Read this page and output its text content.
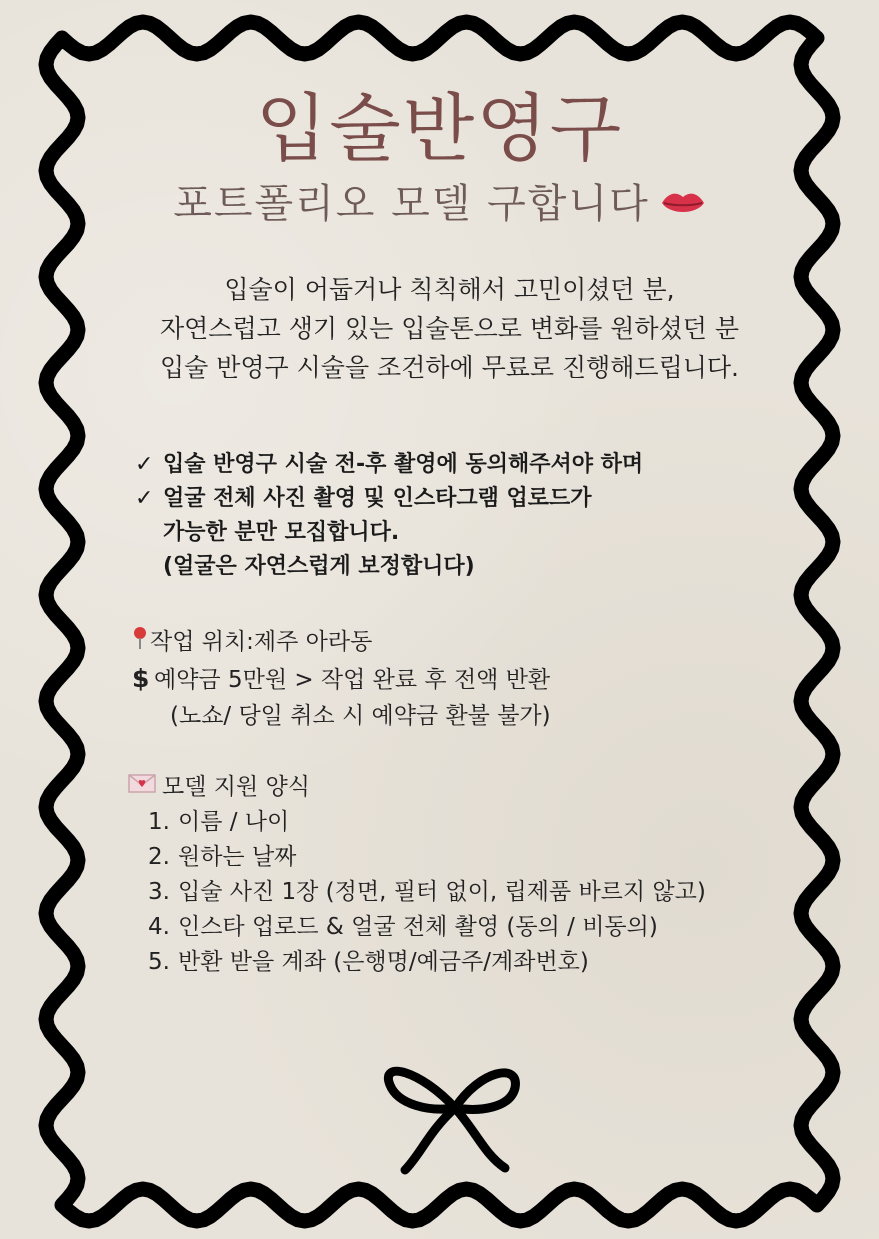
입술반영구
포트폴리오 모델 구합니다
입술이 어둡거나 칙칙해서 고민이셨던 분,
자연스럽고 생기 있는 입술톤으로 변화를 원하셨던 분
입술 반영구 시술을 조건하에 무료로 진행해드립니다.
✓ 입술 반영구 시술 전-후 촬영에 동의해주셔야 하며
✓ 얼굴 전체 사진 촬영 및 인스타그램 업로드가
가능한 분만 모집합니다.
(얼굴은 자연스럽게 보정합니다)
작업 위치:제주 아라동
$ 예약금 5만원 > 작업 완료 후 전액 반환
(노쇼/ 당일 취소 시 예약금 환불 불가)
모델 지원 양식
1. 이름 / 나이
2. 원하는 날짜
3. 입술 사진 1장 (정면, 필터 없이, 립제품 바르지 않고)
4. 인스타 업로드 & 얼굴 전체 촬영 (동의 / 비동의)
5. 반환 받을 계좌 (은행명/예금주/계좌번호)
